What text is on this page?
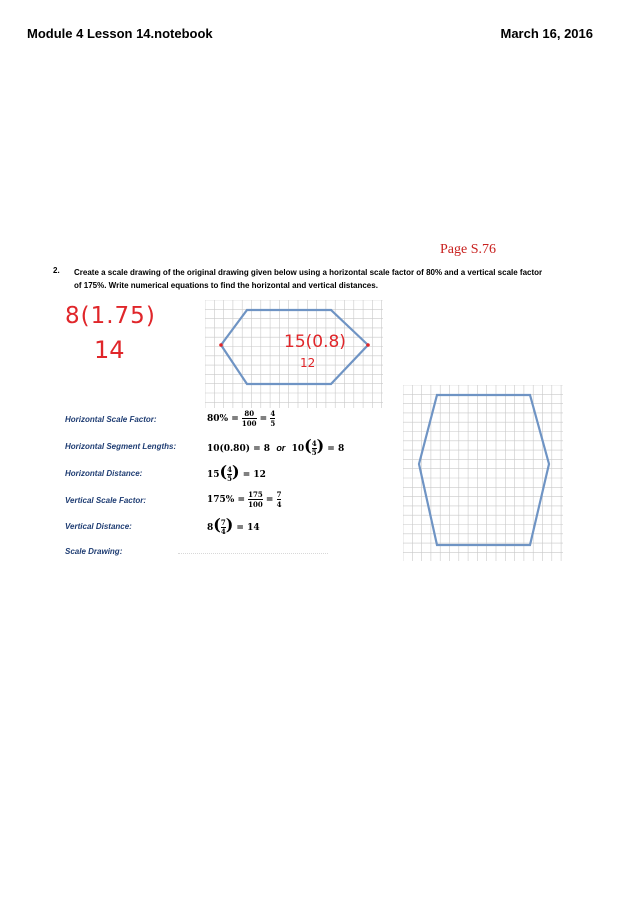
Module 4 Lesson 14.notebook	March 16, 2016
Page S.76
2. Create a scale drawing of the original drawing given below using a horizontal scale factor of 80% and a vertical scale factor of 175%. Write numerical equations to find the horizontal and vertical distances.
8(1.75)
14	15(0.8)
12
Horizontal Scale Factor:	$80\% = \frac{80}{100} = \frac{4}{5}$
Horizontal Segment Lengths:	10(0.80) = 8  or  $10( \frac{4}{5}$ ) = 8
Horizontal Distance:	$15( \frac{4}{5}$ ) = 12
Vertical Scale Factor:	$175\% = \frac{175}{100} = \frac{7}{4}$
Vertical Distance:	$8( \frac{7}{4}$ ) = 14
Scale Drawing:
